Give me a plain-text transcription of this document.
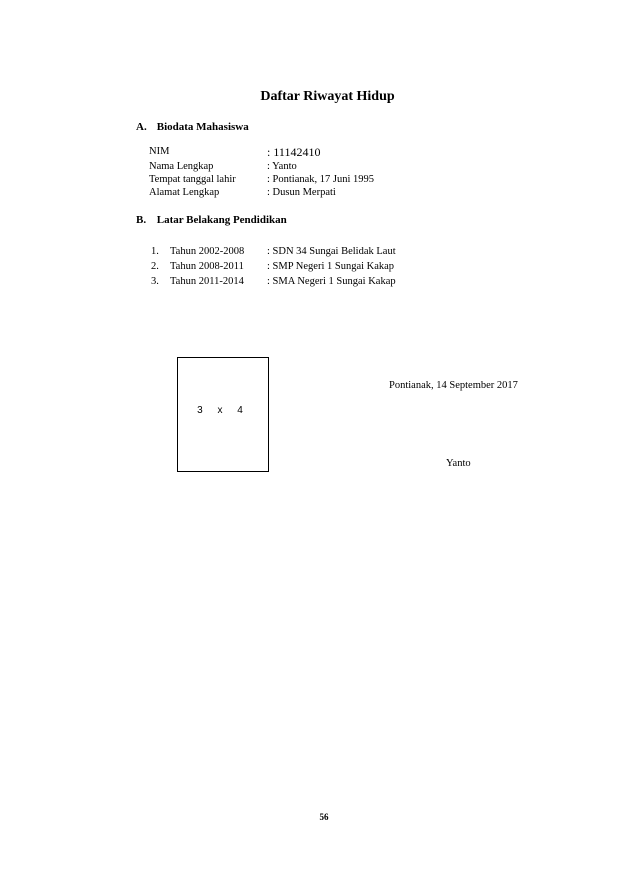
Daftar Riwayat Hidup
A. Biodata Mahasiswa
NIM	: 11142410
Nama Lengkap	: Yanto
Tempat tanggal lahir	: Pontianak, 17 Juni 1995
Alamat Lengkap	: Dusun Merpati
B. Latar Belakang Pendidikan
1. Tahun 2002-2008 : SDN 34 Sungai Belidak Laut
2. Tahun 2008-2011 : SMP Negeri 1 Sungai Kakap
3. Tahun 2011-2014 : SMA Negeri 1 Sungai Kakap
3 x 4
Pontianak, 14 September 2017
Yanto
56
